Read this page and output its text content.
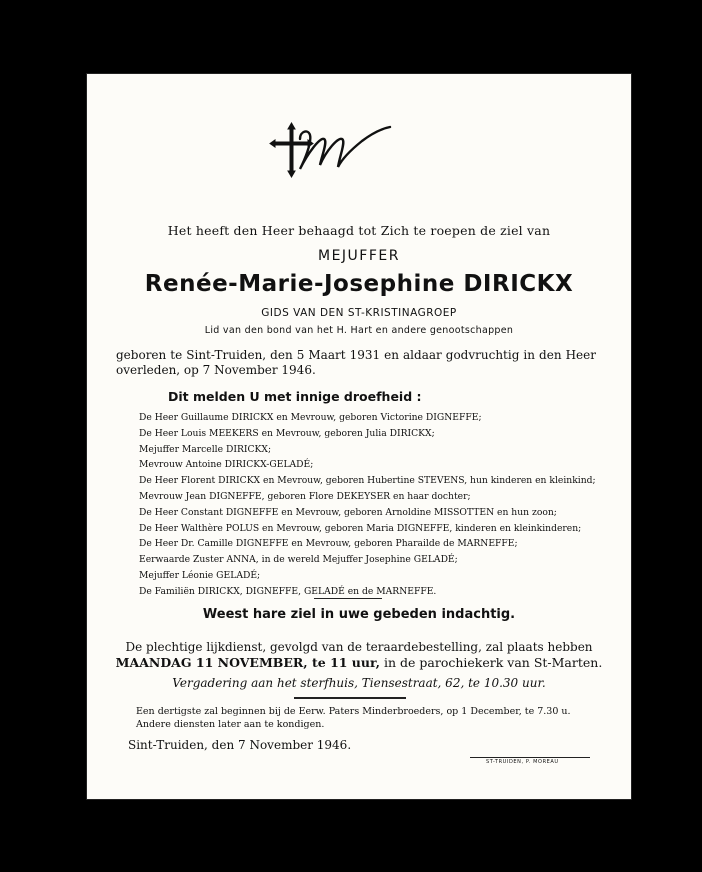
Het heeft den Heer behaagd tot Zich te roepen de ziel van
MEJUFFER
Renée-Marie-Josephine DIRICKX
GIDS VAN DEN ST-KRISTINAGROEP
Lid van den bond van het H. Hart en andere genootschappen
geboren te Sint-Truiden, den 5 Maart 1931 en aldaar godvruchtig in den Heer
overleden, op 7 November 1946.
Dit melden U met innige droefheid :
De Heer Guillaume DIRICKX en Mevrouw, geboren Victorine DIGNEFFE;
De Heer Louis MEEKERS en Mevrouw, geboren Julia DIRICKX;
Mejuffer Marcelle DIRICKX;
Mevrouw Antoine DIRICKX-GELADÉ;
De Heer Florent DIRICKX en Mevrouw, geboren Hubertine STEVENS, hun kinderen en kleinkind;
Mevrouw Jean DIGNEFFE, geboren Flore DEKEYSER en haar dochter;
De Heer Constant DIGNEFFE en Mevrouw, geboren Arnoldine MISSOTTEN en hun zoon;
De Heer Walthère POLUS en Mevrouw, geboren Maria DIGNEFFE, kinderen en kleinkinderen;
De Heer Dr. Camille DIGNEFFE en Mevrouw, geboren Pharailde de MARNEFFE;
Eerwaarde Zuster ANNA, in de wereld Mejuffer Josephine GELADÉ;
Mejuffer Léonie GELADÉ;
De Familiën DIRICKX, DIGNEFFE, GELADÉ en de MARNEFFE.
Weest hare ziel in uwe gebeden indachtig.
De plechtige lijkdienst, gevolgd van de teraardebestelling, zal plaats hebben
MAANDAG 11 NOVEMBER, te 11 uur, in de parochiekerk van St-Marten.
Vergadering aan het sterfhuis, Tiensestraat, 62, te 10.30 uur.
Een dertigste zal beginnen bij de Eerw. Paters Minderbroeders, op 1 December, te 7.30 u.
Andere diensten later aan te kondigen.
Sint-Truiden, den 7 November 1946.
ST-TRUIDEN, P. MOREAU
